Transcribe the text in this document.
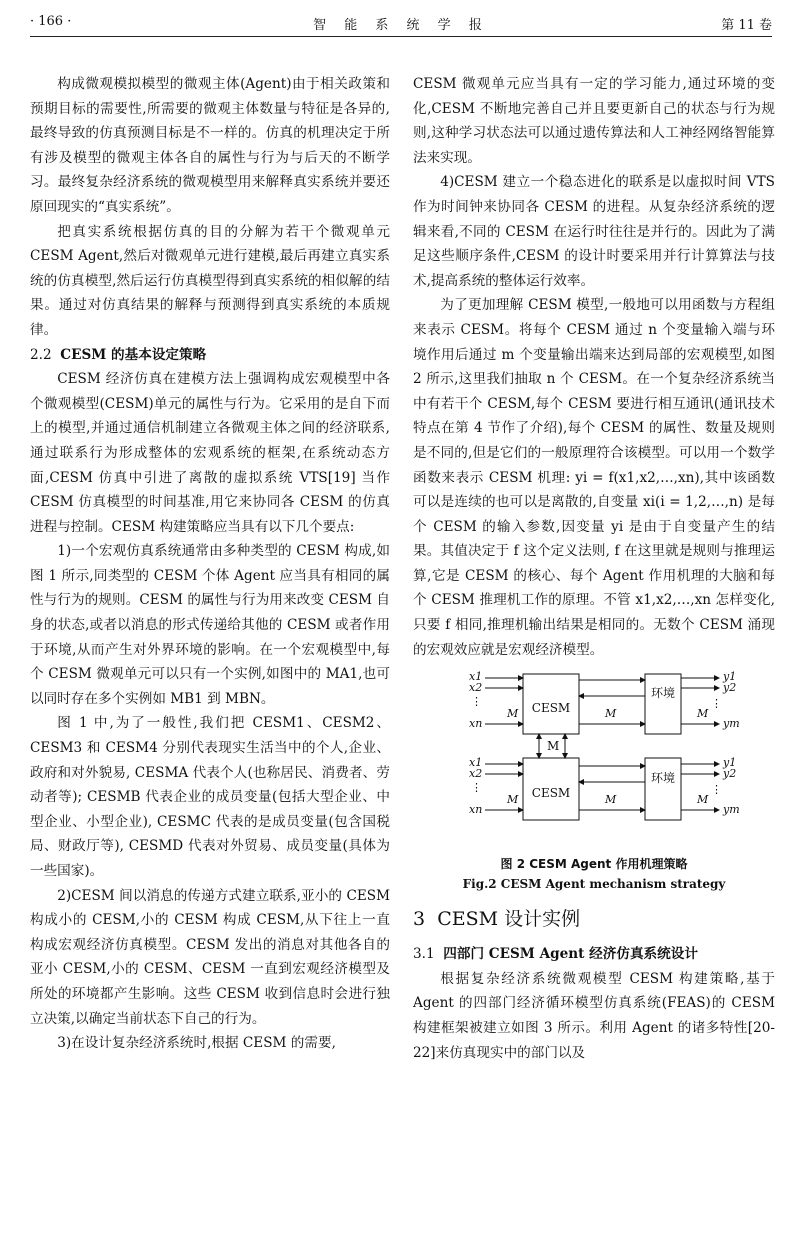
· 166 ·	智 能 系 统 学 报	第 11 卷

构成微观模拟模型的微观主体(Agent)由于相关政策和预期目标的需要性,所需要的微观主体数量与特征是各异的,最终导致的仿真预测目标是不一样的。仿真的机理决定于所有涉及模型的微观主体各自的属性与行为与后天的不断学习。最终复杂经济系统的微观模型用来解释真实系统并要还原回现实的“真实系统”。

把真实系统根据仿真的目的分解为若干个微观单元 CESM Agent,然后对微观单元进行建模,最后再建立真实系统的仿真模型,然后运行仿真模型得到真实系统的相似解的结果。通过对仿真结果的解释与预测得到真实系统的本质规律。

2.2 CESM 的基本设定策略

CESM 经济仿真在建模方法上强调构成宏观模型中各个微观模型(CESM)单元的属性与行为。它采用的是自下而上的模型,并通过通信机制建立各微观主体之间的经济联系,通过联系行为形成整体的宏观系统的框架,在系统动态方面,CESM 仿真中引进了离散的虚拟系统 VTS[19] 当作 CESM 仿真模型的时间基准,用它来协同各 CESM 的仿真进程与控制。CESM 构建策略应当具有以下几个要点:

1)一个宏观仿真系统通常由多种类型的 CESM 构成,如图 1 所示,同类型的 CESM 个体 Agent 应当具有相同的属性与行为的规则。CESM 的属性与行为用来改变 CESM 自身的状态,或者以消息的形式传递给其他的 CESM 或者作用于环境,从而产生对外界环境的影响。在一个宏观模型中,每个 CESM 微观单元可以只有一个实例,如图中的 MA1,也可以同时存在多个实例如 MB1 到 MBN。

图 1 中,为了一般性,我们把 CESM1、CESM2、CESM3 和 CESM4 分别代表现实生活当中的个人,企业、政府和对外貌易, CESMA 代表个人(也称居民、消费者、劳动者等); CESMB 代表企业的成员变量(包括大型企业、中型企业、小型企业), CESMC 代表的是成员变量(包含国税局、财政厅等), CESMD 代表对外贸易、成员变量(具体为一些国家)。

2)CESM 间以消息的传递方式建立联系,亚小的 CESM 构成小的 CESM,小的 CESM 构成 CESM,从下往上一直构成宏观经济仿真模型。CESM 发出的消息对其他各自的亚小 CESM,小的 CESM、CESM 一直到宏观经济模型及所处的环境都产生影响。这些 CESM 收到信息时会进行独立决策,以确定当前状态下自己的行为。

3)在设计复杂经济系统时,根据 CESM 的需要,

CESM 微观单元应当具有一定的学习能力,通过环境的变化,CESM 不断地完善自己并且要更新自己的状态与行为规则,这种学习状态法可以通过遗传算法和人工神经网络智能算法来实现。

4)CESM 建立一个稳态进化的联系是以虚拟时间 VTS 作为时间钟来协同各 CESM 的进程。从复杂经济系统的逻辑来看,不同的 CESM 在运行时往往是并行的。因此为了满足这些顺序条件,CESM 的设计时要采用并行计算算法与技术,提高系统的整体运行效率。

为了更加理解 CESM 模型,一般地可以用函数与方程组来表示 CESM。将每个 CESM 通过 n 个变量输入端与环境作用后通过 m 个变量输出端来达到局部的宏观模型,如图 2 所示,这里我们抽取 n 个 CESM。在一个复杂经济系统当中有若干个 CESM,每个 CESM 要进行相互通讯(通讯技术特点在第 4 节作了介绍),每个 CESM 的属性、数量及规则是不同的,但是它们的一般原理符合该模型。可以用一个数学函数来表示 CESM 机理: yi = f(x1,x2,…,xn),其中该函数可以是连续的也可以是离散的,自变量 xi(i = 1,2,…,n) 是每个 CESM 的输入参数,因变量 yi 是由于自变量产生的结果。其值决定于 f 这个定义法则, f 在这里就是规则与推理运算,它是 CESM 的核心、每个 Agent 作用机理的大脑和每个 CESM 推理机工作的原理。不管 x1,x2,…,xn 怎样变化,只要 f 相同,推理机输出结果是相同的。无数个 CESM 涌现的宏观效应就是宏观经济模型。

CESM
环境
x1
x2
⋮
xn
M	M	M
y1
y2
⋮
ym
M
CESM
环境
x1
x2
⋮
xn
M	M	M
y1
y2
⋮
ym
图 2 CESM Agent 作用机理策略
Fig.2 CESM Agent mechanism strategy
3 CESM 设计实例
3.1 四部门 CESM Agent 经济仿真系统设计

根据复杂经济系统微观模型 CESM 构建策略,基于 Agent 的四部门经济循环模型仿真系统(FEAS)的 CESM 构建框架被建立如图 3 所示。利用 Agent 的诸多特性[20-22]来仿真现实中的部门以及
